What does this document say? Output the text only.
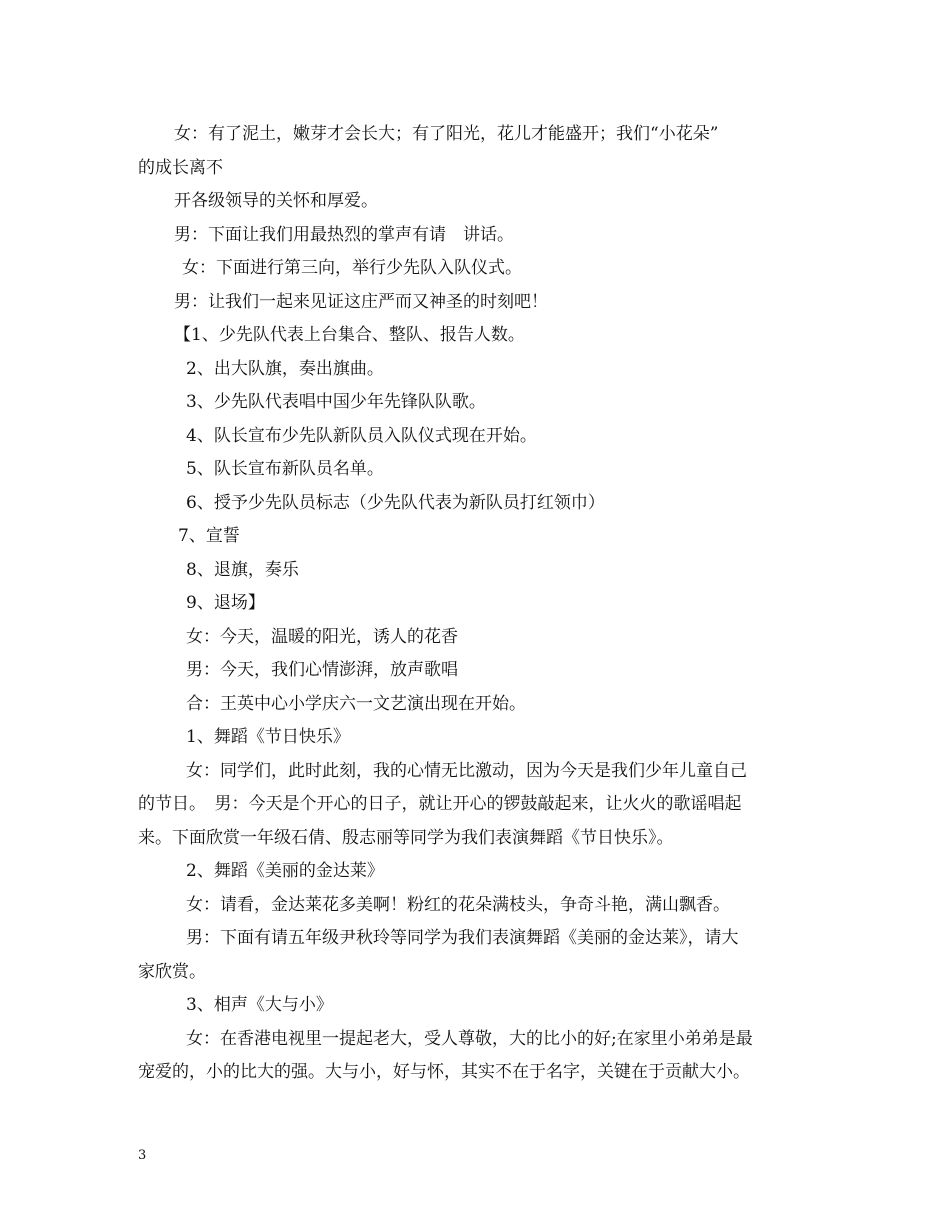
女：有了泥土，嫩芽才会长大；有了阳光，花儿才能盛开；我们“小花朵”
的成长离不
开各级领导的关怀和厚爱。
男：下面让我们用最热烈的掌声有请　讲话。
女：下面进行第三向，举行少先队入队仪式。
男：让我们一起来见证这庄严而又神圣的时刻吧！
【1、少先队代表上台集合、整队、报告人数。
2、出大队旗，奏出旗曲。
3、少先队代表唱中国少年先锋队队歌。
4、队长宣布少先队新队员入队仪式现在开始。
5、队长宣布新队员名单。
6、授予少先队员标志（少先队代表为新队员打红领巾）
7、宣誓
8、退旗，奏乐
9、退场】
女：今天，温暖的阳光，诱人的花香
男：今天，我们心情澎湃，放声歌唱
合：王英中心小学庆六一文艺演出现在开始。
1、舞蹈《节日快乐》
女：同学们，此时此刻，我的心情无比激动，因为今天是我们少年儿童自己
的节日。　男：今天是个开心的日子，就让开心的锣鼓敲起来，让火火的歌谣唱起
来。下面欣赏一年级石倩、殷志丽等同学为我们表演舞蹈《节日快乐》。
2、舞蹈《美丽的金达莱》
女：请看，金达莱花多美啊！粉红的花朵满枝头，争奇斗艳，满山飘香。
男：下面有请五年级尹秋玲等同学为我们表演舞蹈《美丽的金达莱》，请大
家欣赏。
3、相声《大与小》
女：在香港电视里一提起老大，受人尊敬，大的比小的好;在家里小弟弟是最
宠爱的，小的比大的强。大与小，好与怀，其实不在于名字，关键在于贡献大小。
3
